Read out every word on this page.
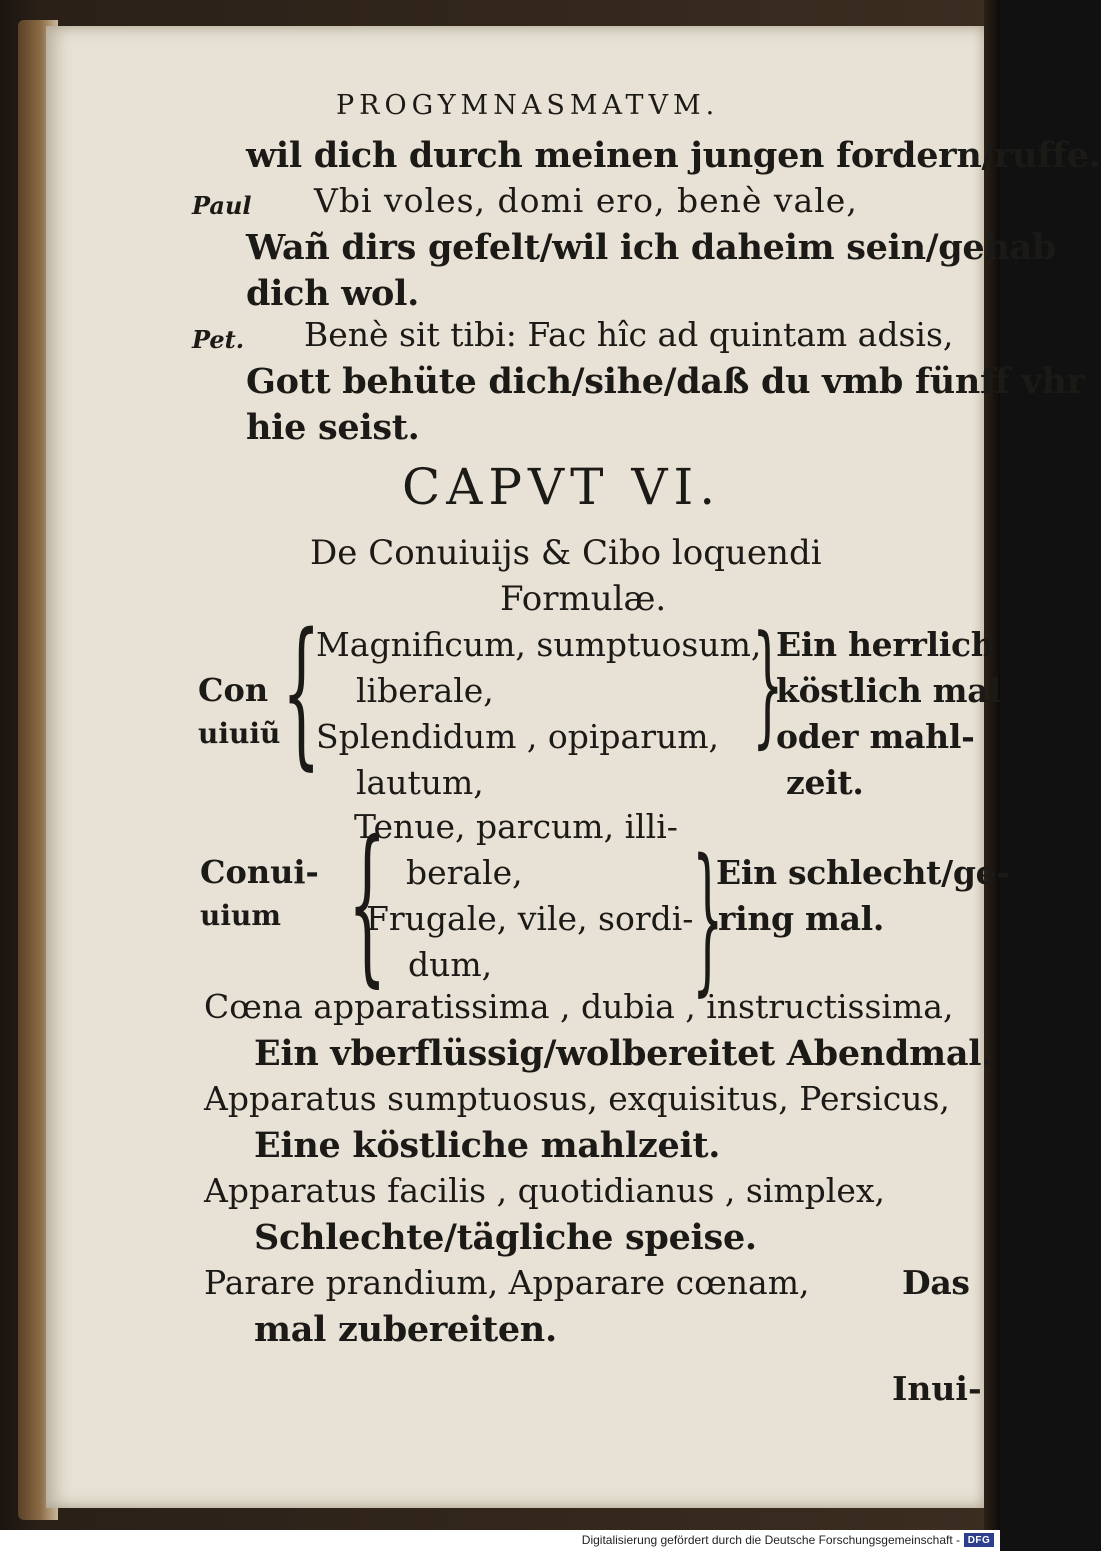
PROGYMNASMATVM.
wil dich durch meinen jungen fordern/ruffe.
Paul Vbi voles, domi ero, benè vale,
Wañ dirs gefelt/wil ich daheim sein/gehab
dich wol.
Pet. Benè sit tibi: Fac hîc ad quintam adsis,
Gott behüte dich/sihe/daß du vmb fünff vhr
hie seist.
CAPVT VI.
De Conuiuijs & Cibo loquendi
Formulæ.
Con
uiuiũ {
Magnificum, sumptuosum,
liberale,
Splendidum , opiparum,
lautum,
}
Ein herrlich
köstlich mal
oder mahl-
zeit.
Tenue, parcum, illi-
Conui-
uium { berale,
Frugale, vile, sordi-
dum, }
Ein schlecht/ge-
ring mal.
Cœna apparatissima , dubia , instructissima,
Ein vberflüssig/wolbereitet Abendmal.
Apparatus sumptuosus, exquisitus, Persicus,
Eine köstliche mahlzeit.
Apparatus facilis , quotidianus , simplex,
Schlechte/tägliche speise.
Parare prandium, Apparare cœnam,	Das
mal zubereiten.
Inui-
Digitalisierung gefördert durch die Deutsche Forschungsgemeinschaft - DFG
